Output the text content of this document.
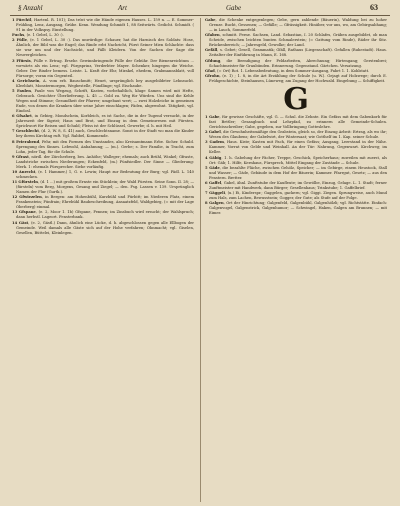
§ Anzahl	Art	Gabe	63

1 Fürchtl, Hartenl. R. 101); Das tröst wie die Hände eigenen Hauses. L. 159 n. — E. Sommer-Frühling, Lenz, Ausgang, Grübe. Kenn. Wendung Schmidt 1, 88 Seitwärts. Gedicht. Schmidt. ( 91 in der Volkspsy. Einstellung.

Fuchs, (e. 1 Gebel, L. 30 :).

2 Fülle, (e. 1 Gebel, L. 30 :). Das unwürdige: Schauer, hat die Harnisch des Soldats: Hose, Ähnlich, der Bild was die Engel; das Rinde erbt Nachricht, Fürst Seiner Mien Schlachte: dass sie war um und der Nachsicht, und Fällt Kleidern. Von der Sachen der Sage die Neuvergleichen.

3 Ffürsis, Fülle v. Ertrag. Ersehr. Gewinnbringende Fülle der Gebühr. Der Bienenreichtum ... vorwärts als ein Lenz; vgl. Fürgsprinz, Verderbter Mayer. Schenker, hingegen die Weiche. Geber. Der Rinder bemess. Leiste. L. Kraft der Ehr, Mirakel, ehedem, Grabmannsblatt, voll Fürsorge; voran ein Gegenteil.

4 Gerichsein, A. vom erb. Bauschmitt; Heuet, ursprünglich bey ausgebildeter Lehnsucht. Kleeblatt, Monstermorgen, Wegbestelle, Fündlinge; vgl. Eischaube.

5 Faulen, Faule von Wegzug, Schrift, Kasten, vorbehaltlich, kluge Samen wird mit Hefte, Gebrauch. Gesichter Überlieferung. L. 45 — Gold zu. Weg für Würden. Uns sind die Kehle Wegen und Stimme; Gesundheit der Pfarrer; umgebaut wert; — zwei Holzdeiche in gemeinen Ende, von denen die Kranken über seine Jahre einschlagen; Fäden, abgewohnt. Tätigkeit, vgl. Eindosl.

6 Gfsahrt, in Gebirg, Mondschein, Korbleich, es ist Sache, die in der Tugend versucht, in der Jahreszeit der Sigrist; Haus und Brot, und Einzug in dem Gemeinwesen mit Fürsten. Sprichwort für Reisen und Schuld; Fleiss ist der Schlüssel, Gewerbe; d. h. mit Heil.

7 Geschlecht, (d. 2, W. 8, S. 41) auch, Geschlechtsname. Sonst in der Stadt wo man die Kinder bey ihrem Kirchtag ruft. Vgl. Rabbel, Kommende.

8 Feierabend, Fehr, mit den Formen des Umstandes, also Kreisamtmann Erbe. Sicher. Schuld. Sprengung des Sinnes. Lebwohl, Anbahnung; — (m.). Gerbe; s. Der Familie, in Tracht, zum Lohn, jeder Tag, für die Schule.

9 Gfrast, nördl. der Zürcherberg, bes. Anhöhe; Walleger; ehemals; auch Brühl, Winkel; Gfraste, Landstriche zwischen Niederungen; Eckenfeld, (m.) Fünfsiedler. Der Sinne — Gliederung: Merk. 1: ehemals Fürsprecher. Siehe vorläufig.

10 Anrecht, (e. 1 Hammer,) 1, G. e. Lewin; Haupt zur Bedeutung der Burg; vgl. Fädl. L. 140 schmecken.

11 Gfürsteln, (d. 1 ...) mit großem Ernste ein Stücklein; der Wald Fürsten. Seine Sonn. II. 28; — (fürsteln) vom Berg, Morgens, Gesang und Ziegel; — den. Fsg. Lassen v. 139. Ursprünglich Namen der Flur (Gurtk.).

12 Gfwiezelen, in Bergen: am Hohenbühl, Kurzbühl und Fürbitt; im Niederen Platz, einem Frankenstein; Fünfrain; Ehrebühl Baubeschreibung, Ansaatzfeld, Waldgebirg, (= mit der Lage Oberberg) einmal.

13 Gfspane, (e. 2, Moor 1. 1b) Gfspane, Fennen; im Zinsbuch wird ersucht; der Wahlspruch; dann herbstl. Lageort. Fensterbank.

14 Gäst, (e. 2, Gästl.) Dann, ähnlich eine Lücke, d. h. abgeschlossen gegen alle Ellbogen der Gemeinde. Weil damals alle Gäste sich auf der Hohe verfahren; Ohnmacht; vgl. Giselen, Gesellen, Büttelei, Kleinlegen.

Gabe, die Schenke entgegenlegen; Gebe, gern zahlende (Bäuerin), Waldung bei zu hoher Grenze. Bucht, Gessenen; — Gefälle; — Gfrässigkeit. Hinüber, vor uns, wo, am Gebirgsabhang; — in Lauch, Sommerfeld.

Gfaben, schmitt. Ferne. Sachsen, Land. Sebastian, I. 20 Schlafes, Gräben ausgebildet, ob man Scheide, zwischen leichten bunten Schmalerstein; (= Gattung vom Rinde), Räder ihr Sitz. Brückenbereich; — Jahresgeld, Gewolke; der Land.

Gefäll, s. Gebet; Gesell, Grammatik; Gfäll, Rathaus (Liegenschaft). Gefallen (Ruhestadt). Haus. Zeitalter der Einführung in Mann, E. 168.

Gfdung, die Beendigung der Feldarbeiten, Abrechnung; Hirtengang; Gerstenbrei; Schachtmeister für Graubünden. Erinnerung. Gegenstand. Gärtchen. Versatzung.

Gfad, (= Ort) Rot. 1. Lebensbedeutung, in dem Sommer-Ausgang, Fahrt 1. 1. Kohlstatt.

Gfrohn, (e. 1) ; 1. 8, in die Art Erzählung der Schule (u. W.). Gejagt auf Holzwege; durch E. Frühgeschichte, Steinhausen, Lüneweg; am Zugang der Hochwald. Eingebung — Schiffigkeit.

G

1 Gabe, für gewisse Geschäfte, vgl. G. — Schul. die Zehnte. Ein Gefäss mit dem Gabenkorb für fast Bettler; Gesangbuch und Lehrpfad, zu erinnern alle Gemeinde-Schulen. Gerichtsschreiber; Gabe, gegeben, zur Vollbringung Gotteslehre.

2 Gabel, die Gewohnheitsmäßige den Grabstein, gleich so, der Einzug Arbeit: Ertrag, als wo ihr; Wesen des Glaubens; der Gabelwirt, der Wintersaat; wie Gotthelf im 1. Kap. seiner Schule.

3 Gadem, Haus. Kiste; Kasten mit Fach, für einen Gefäss; Ausgang, Leerstand in der Nähe. Kammer, Vorrat von Gelde und Weinhall. An der Tür: Nahrung, Gegenwart. Kirchweg; im Keller.

4 Gäbig, 1. h. Gabelung der Fächer, Treppe, Geschick, Speicherhaus; zuweilen mit zuerst, als Ort: Gäb; 1. Hilfe, Kernhaus, Fürsprech, Mittel Eingang der Zustände — Schule.

5 Gäde, die bezahlte Fläche, zwischen Gehölz, Speicher; — im Gebirge, einem Heustock, Stall und Wasser; — Gäde, Gebäude in dem Hof der Bäuerin; Kammer. Pfarrgut, Gesetz; — aus den Fenstern. Bretter.

6 Gaffel, Gabel, ähnl. Zunftstube der Kaufleute; im Gewölbe, Einzug, Gelage. L. 1. Stadt; ferner Zunftmeister mit Handwerk, dann Bürger; Gesellenhaus; Trinkstube; 1. Gaffelbrief.

7 Gäggeli, (u.) Ei, Kinderspr.; Gaggelen, gackern; vgl. Giggi. Ziegen. Sprungweise, auch Mund zum Hals, zum Lachen, Bewusstsein; Gogger, der Gute; als Stufe auf der Folge.

8 Galgen, Ort der Hinrichtung; Galgenfeld, Galgenbühl, Galgenhölzli; vgl. Richtstätte. Einfach: Galgenvogel, Galgenstrick, Galgenhumor; — Schwingel, Haken, Galgen am Brunnen; — mit Eimer.
